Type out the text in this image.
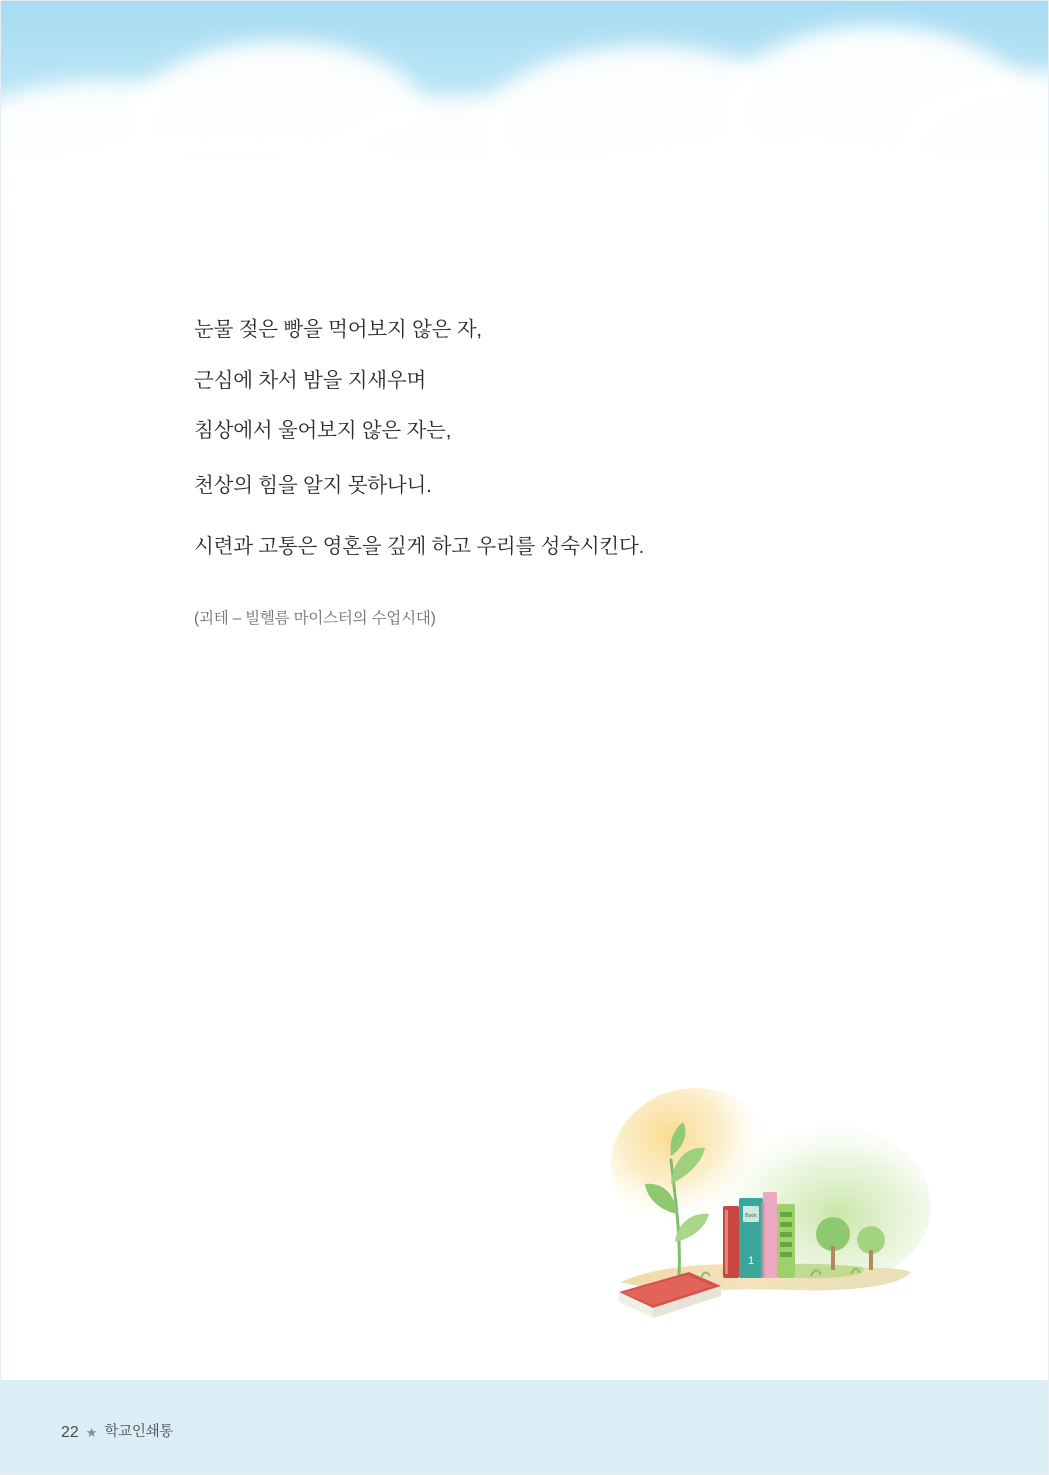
눈물 젖은 빵을 먹어보지 않은 자,

근심에 차서 밤을 지새우며

침상에서 울어보지 않은 자는,

천상의 힘을 알지 못하나니.

시련과 고통은 영혼을 깊게 하고 우리를 성숙시킨다.

(괴테 – 빌헬름 마이스터의 수업시대)

Book
1
22 ★ 학교인쇄통
